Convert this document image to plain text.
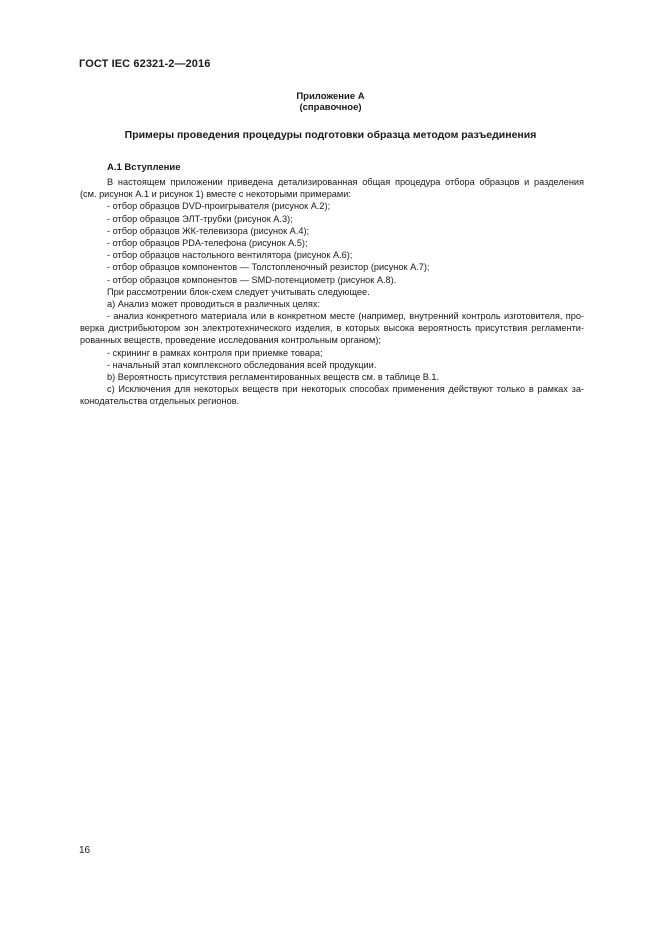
ГОСТ IEC 62321-2—2016
Приложение А
(справочное)
Примеры проведения процедуры подготовки образца методом разъединения
А.1 Вступление
В настоящем приложении приведена детализированная общая процедура отбора образцов и разделения
(см. рисунок А.1 и рисунок 1) вместе с некоторыми примерами:
- отбор образцов DVD-проигрывателя (рисунок А.2);
- отбор образцов ЭЛТ-трубки (рисунок А.3);
- отбор образцов ЖК-телевизора (рисунок А.4);
- отбор образцов PDA-телефона (рисунок А.5);
- отбор образцов настольного вентилятора (рисунок А.6);
- отбор образцов компонентов — Толстопленочный резистор (рисунок А.7);
- отбор образцов компонентов — SMD-потенциометр (рисунок А.8).
При рассмотрении блок-схем следует учитывать следующее.
а) Анализ может проводиться в различных целях:
- анализ конкретного материала или в конкретном месте (например, внутренний контроль изготовителя, про-
верка дистрибьютором зон электротехнического изделия, в которых высока вероятность присутствия регламенти-
рованных веществ, проведение исследования контрольным органом);
- скрининг в рамках контроля при приемке товара;
- начальный этап комплексного обследования всей продукции.
b) Вероятность присутствия регламентированных веществ см. в таблице В.1.
c) Исключения для некоторых веществ при некоторых способах применения действуют только в рамках за-
конодательства отдельных регионов.
16
